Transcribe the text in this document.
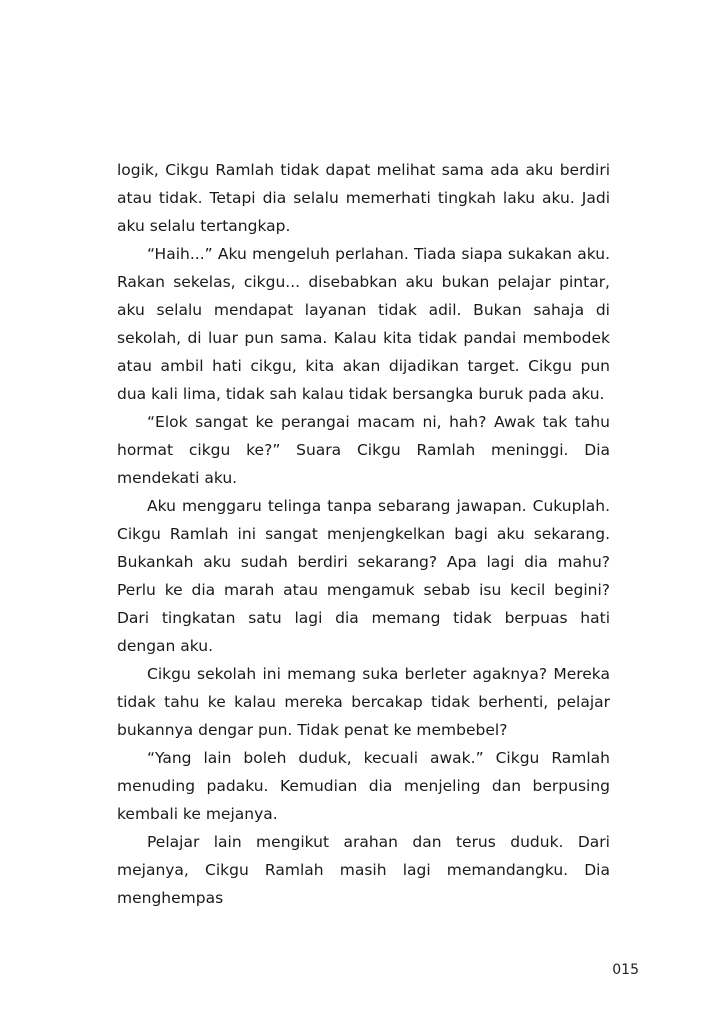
logik, Cikgu Ramlah tidak dapat melihat sama ada aku berdiri atau tidak. Tetapi dia selalu memerhati tingkah laku aku. Jadi aku selalu tertangkap.

“Haih...” Aku mengeluh perlahan. Tiada siapa sukakan aku. Rakan sekelas, cikgu... disebabkan aku bukan pelajar pintar, aku selalu mendapat layanan tidak adil. Bukan sahaja di sekolah, di luar pun sama. Kalau kita tidak pandai membodek atau ambil hati cikgu, kita akan dijadikan target. Cikgu pun dua kali lima, tidak sah kalau tidak bersangka buruk pada aku.

“Elok sangat ke perangai macam ni, hah? Awak tak tahu hormat cikgu ke?” Suara Cikgu Ramlah meninggi. Dia mendekati aku.

Aku menggaru telinga tanpa sebarang jawapan. Cukuplah. Cikgu Ramlah ini sangat menjengkelkan bagi aku sekarang. Bukankah aku sudah berdiri sekarang? Apa lagi dia mahu? Perlu ke dia marah atau mengamuk sebab isu kecil begini? Dari tingkatan satu lagi dia memang tidak berpuas hati dengan aku.

Cikgu sekolah ini memang suka berleter agaknya? Mereka tidak tahu ke kalau mereka bercakap tidak berhenti, pelajar bukannya dengar pun. Tidak penat ke membebel?

“Yang lain boleh duduk, kecuali awak.” Cikgu Ramlah menuding padaku. Kemudian dia menjeling dan berpusing kembali ke mejanya.

Pelajar lain mengikut arahan dan terus duduk. Dari mejanya, Cikgu Ramlah masih lagi memandangku. Dia menghempas

015
